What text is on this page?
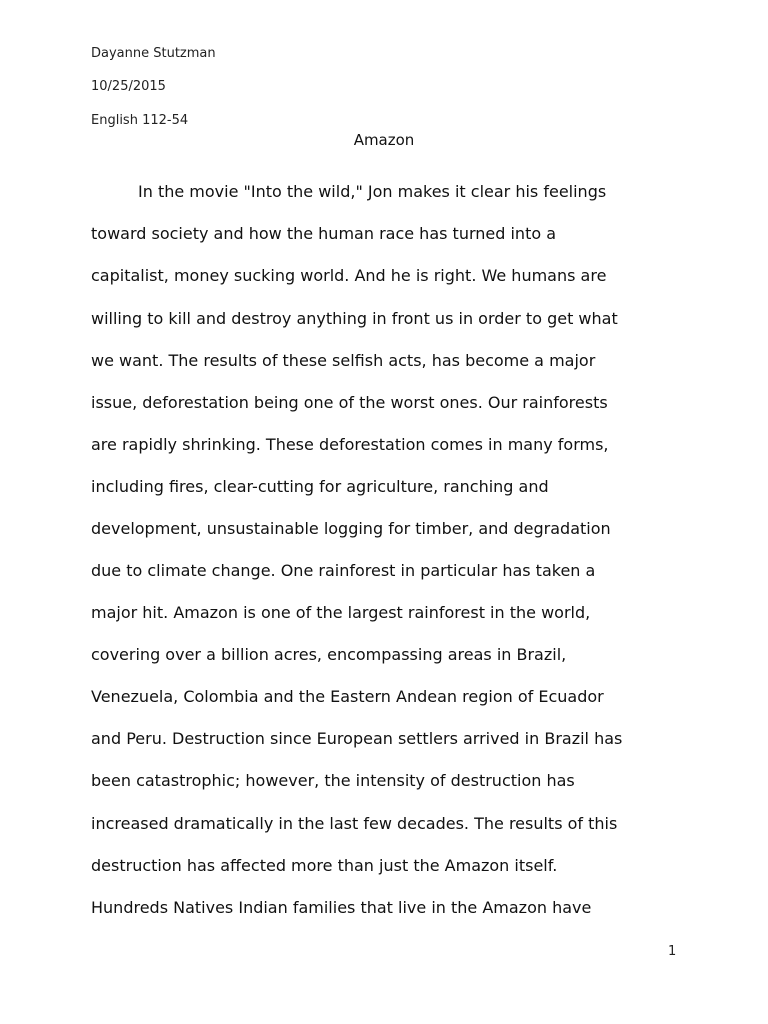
Dayanne Stutzman
10/25/2015
English 112-54
Amazon
In the movie "Into the wild," Jon makes it clear his feelings
toward society and how the human race has turned into a
capitalist, money sucking world. And he is right. We humans are
willing to kill and destroy anything in front us in order to get what
we want. The results of these selfish acts, has become a major
issue, deforestation being one of the worst ones. Our rainforests
are rapidly shrinking. These deforestation comes in many forms,
including fires, clear-cutting for agriculture, ranching and
development, unsustainable logging for timber, and degradation
due to climate change. One rainforest in particular has taken a
major hit. Amazon is one of the largest rainforest in the world,
covering over a billion acres, encompassing areas in Brazil,
Venezuela, Colombia and the Eastern Andean region of Ecuador
and Peru. Destruction since European settlers arrived in Brazil has
been catastrophic; however, the intensity of destruction has
increased dramatically in the last few decades. The results of this
destruction has affected more than just the Amazon itself.
Hundreds Natives Indian families that live in the Amazon have
1
